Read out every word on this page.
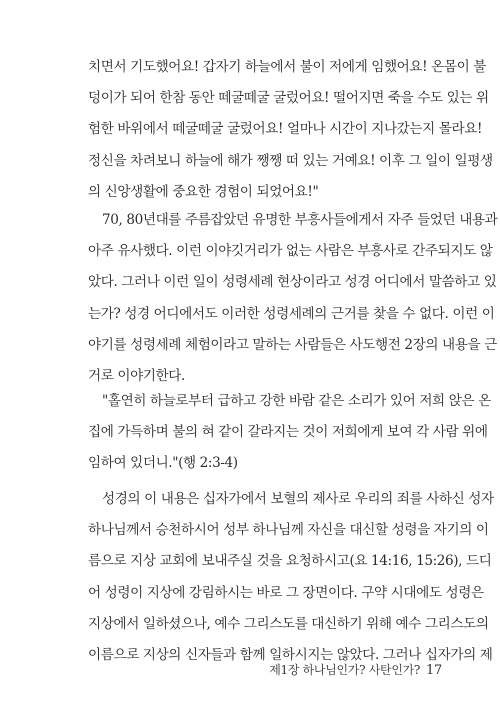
치면서 기도했어요! 갑자기 하늘에서 불이 저에게 임했어요! 온몸이 불
덩이가 되어 한참 동안 떼굴떼굴 굴렀어요! 떨어지면 죽을 수도 있는 위
험한 바위에서 떼굴떼굴 굴렀어요! 얼마나 시간이 지나갔는지 몰라요!
정신을 차려보니 하늘에 해가 쨍쨍 떠 있는 거예요! 이후 그 일이 일평생
의 신앙생활에 중요한 경험이 되었어요!"
70, 80년대를 주름잡았던 유명한 부흥사들에게서 자주 들었던 내용과
아주 유사했다. 이런 이야깃거리가 없는 사람은 부흥사로 간주되지도 않
았다. 그러나 이런 일이 성령세례 현상이라고 성경 어디에서 말씀하고 있
는가? 성경 어디에서도 이러한 성령세례의 근거를 찾을 수 없다. 이런 이
야기를 성령세례 체험이라고 말하는 사람들은 사도행전 2장의 내용을 근
거로 이야기한다.
"홀연히 하늘로부터 급하고 강한 바람 같은 소리가 있어 저희 앉은 온
집에 가득하며 불의 혀 같이 갈라지는 것이 저희에게 보여 각 사람 위에
임하여 있더니."(행 2:3-4)
성경의 이 내용은 십자가에서 보혈의 제사로 우리의 죄를 사하신 성자
하나님께서 승천하시어 성부 하나님께 자신을 대신할 성령을 자기의 이
름으로 지상 교회에 보내주실 것을 요청하시고(요 14:16, 15:26), 드디
어 성령이 지상에 강림하시는 바로 그 장면이다. 구약 시대에도 성령은
지상에서 일하셨으나, 예수 그리스도를 대신하기 위해 예수 그리스도의
이름으로 지상의 신자들과 함께 일하시지는 않았다. 그러나 십자가의 제
제1장 하나님인가? 사탄인가? 17
